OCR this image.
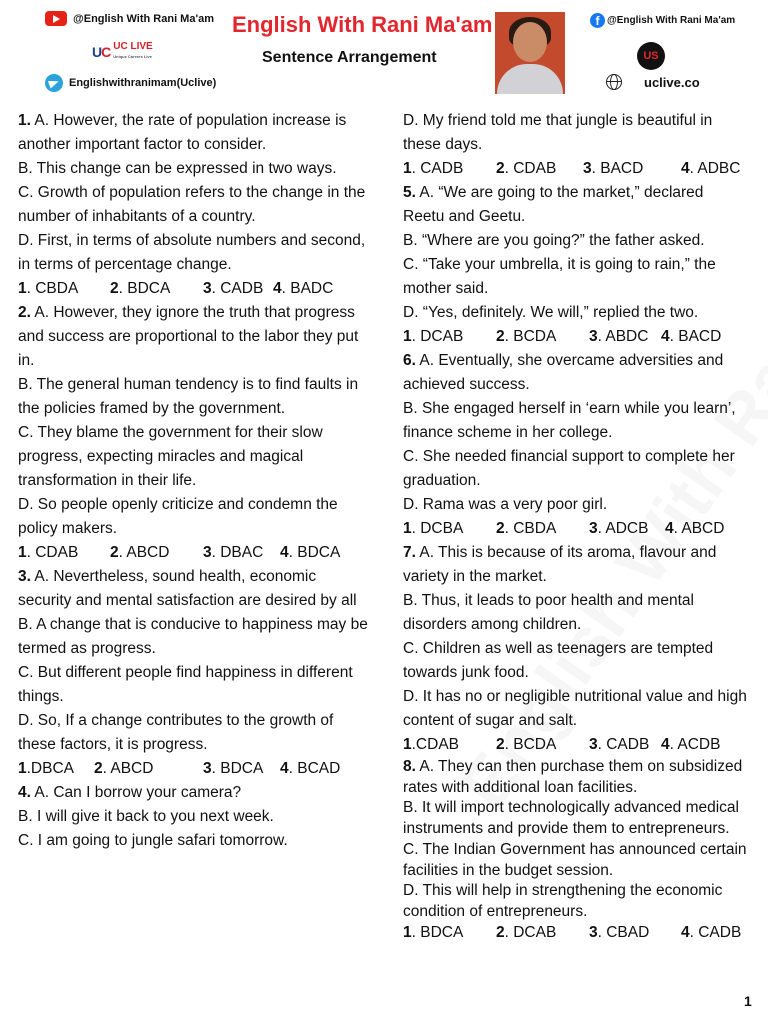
@English With Rani Ma'am English With Rani Ma'am	f @English With Rani Ma'am
UC UC LIVE
Unique Careers Live	Sentence Arrangement	US
Englishwithranimam(Uclive)	uclive.co

1. A. However, the rate of population increase is another important factor to consider.

B. This change can be expressed in two ways.

C. Growth of population refers to the change in the number of inhabitants of a country.

D. First, in terms of absolute numbers and second, in terms of percentage change.

1. CBDA	2. BDCA	3. CADB 4. BADC

2. A. However, they ignore the truth that progress and success are proportional to the labor they put in.

B. The general human tendency is to find faults in the policies framed by the government.

C. They blame the government for their slow progress, expecting miracles and magical transformation in their life.

D. So people openly criticize and condemn the policy makers.

1. CDAB	2. ABCD	3. DBAC	4. BDCA

3. A. Nevertheless, sound health, economic security and mental satisfaction are desired by all

B. A change that is conducive to happiness may be termed as progress.

C. But different people find happiness in different things.

D. So, If a change contributes to the growth of these factors, it is progress.

1.DBCA	2. ABCD	3. BDCA	4. BCAD

4. A. Can I borrow your camera?

B. I will give it back to you next week.

C. I am going to jungle safari tomorrow.

D. My friend told me that jungle is beautiful in these days.

1. CADB	2. CDAB	3. BACD	4. ADBC

5. A. “We are going to the market,” declared Reetu and Geetu.

B. “Where are you going?” the father asked.

C. “Take your umbrella, it is going to rain,” the mother said.

D. “Yes, definitely. We will,” replied the two.

1. DCAB	2. BCDA	3. ABDC 4. BACD

6. A. Eventually, she overcame adversities and achieved success.

B. She engaged herself in ‘earn while you learn’, finance scheme in her college.

C. She needed financial support to complete her graduation.

D. Rama was a very poor girl.

1. DCBA	2. CBDA	3. ADCB	4. ABCD

7. A. This is because of its aroma, flavour and variety in the market.

B. Thus, it leads to poor health and mental disorders among children.

C. Children as well as teenagers are tempted towards junk food.

D. It has no or negligible nutritional value and high content of sugar and salt.

1.CDAB	2. BCDA	3. CADB 4. ACDB

8. A. They can then purchase them on subsidized rates with additional loan facilities.

B. It will import technologically advanced medical instruments and provide them to entrepreneurs.

C. The Indian Government has announced certain facilities in the budget session.

D. This will help in strengthening the economic condition of entrepreneurs.

1. BDCA	2. DCAB	3. CBAD	4. CADB
1
